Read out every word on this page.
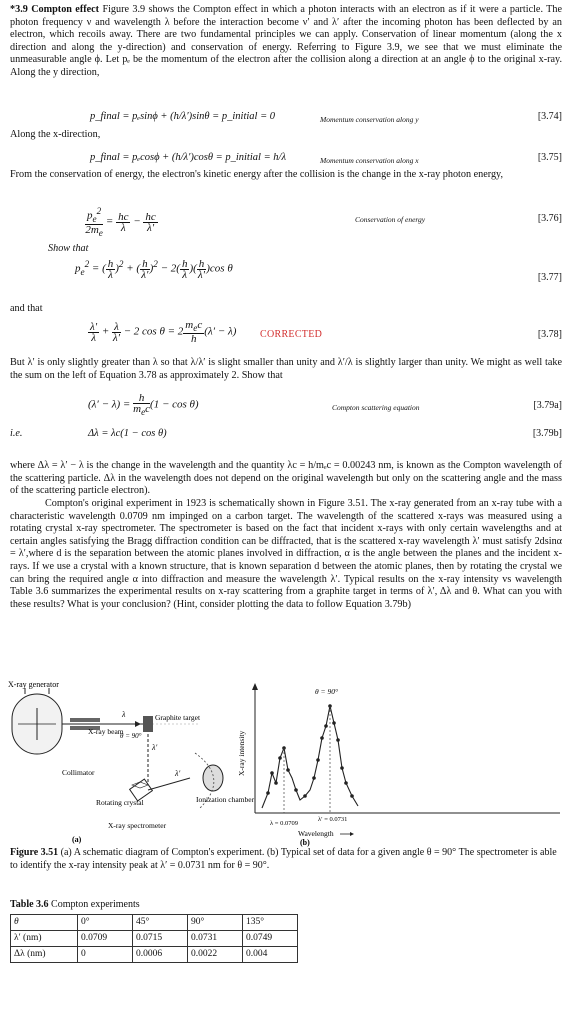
*3.9 Compton effect Figure 3.9 shows the Compton effect in which a photon interacts with an electron as if it were a particle. The photon frequency ν and wavelength λ before the interaction become ν′ and λ′ after the incoming photon has been deflected by an electron, which recoils away. There are two fundamental principles we can apply. Conservation of linear momentum (along the x direction and along the y-direction) and conservation of energy. Referring to Figure 3.9, we see that we must eliminate the unmeasurable angle ϕ. Let pₑ be the momentum of the electron after the collision along a direction at an angle ϕ to the original x-ray. Along the y direction,
p_final = pₑsinϕ + (h/λ′)sinθ = p_initial = 0	Momentum conservation along y	[3.74]
Along the x-direction,
p_final = pₑcosϕ + (h/λ′)cosθ = p_initial = h/λ	Momentum conservation along x	[3.75]
From the conservation of energy, the electron's kinetic energy after the collision is the change in the x-ray photon energy,
$\frac{p_e^2}{2m_e} = \frac{hc}{\lambda} - \frac{hc}{\lambda'}$	Conservation of energy	[3.76]
Show that
$p_e^2$ = ( $\frac{h}{\lambda} )^2$ + ( $\frac{h}{\lambda'} )^2 - 2( \frac{h}{\lambda}$ )( $\frac{h}{\lambda'} )\cos$ θ
[3.77]
and that
$\frac{\lambda'}{\lambda} + \frac{\lambda}{\lambda'} - 2$ $\cos \theta = 2 \frac{m_ec}{h} (\lambda' - \lambda)$ CORRECTED	[3.78]
But λ′ is only slightly greater than λ so that λ/λ′ is slight smaller than unity and λ′/λ is slightly larger than unity. We might as well take the sum on the left of Equation 3.78 as approximately 2. Show that
$(\lambda' - \lambda) = \frac{h}{m_ec} (1 - \cos \theta)$	Compton scattering equation	[3.79a]
i.e.	Δλ = λc(1 − cos θ)	[3.79b]
where Δλ = λ′ − λ is the change in the wavelength and the quantity λc = h/mₑc = 0.00243 nm, is known as the Compton wavelength of the scattering particle. Δλ in the wavelength does not depend on the original wavelength but only on the scattering angle and the mass of the scattering particle electron).
Compton's original experiment in 1923 is schematically shown in Figure 3.51. The x-ray generated from an x-ray tube with a characteristic wavelength 0.0709 nm impinged on a carbon target. The wavelength of the scattered x-rays was measured using a rotating crystal x-ray spectrometer. The spectrometer is based on the fact that incident x-rays with only certain wavelengths and at certain angles satisfying the Bragg diffraction condition can be diffracted, that is the scattered x-ray wavelength λ′ must satisfy 2dsinα = λ′,where d is the separation between the atomic planes involved in diffraction, α is the angle between the planes and the incident x-rays. If we use a crystal with a known structure, that is known separation d between the atomic planes, then by rotating the crystal we can bring the required angle α into diffraction and measure the wavelength λ′. Typical results on the x-ray intensity vs wavelength Table 3.6 summarizes the experimental results on x-ray scattering from a graphite target in terms of λ′, Δλ and θ. What can you with these results? What is your conclusion? (Hint, consider plotting the data to follow Equation 3.79b)
X-ray generator
X-ray beam
λ
θ = 90°
Graphite target
λ′
Collimator	λ′
Rotating crystal	Ionization chamber
X-ray spectrometer
(a)
X-ray intensity
λ = 0.0709
λ′ = 0.0731
Wavelength
θ = 90°
(b)
Figure 3.51 (a) A schematic diagram of Compton's experiment. (b) Typical set of data for a given angle θ = 90° The spectrometer is able to identify the x-ray intensity peak at λ′ = 0.0731 nm for θ = 90°.
Table 3.6 Compton experiments
θ	0°	45°	90°	135°
λ′ (nm)	0.0709	0.0715	0.0731	0.0749
Δλ (nm)	0	0.0006	0.0022	0.004
